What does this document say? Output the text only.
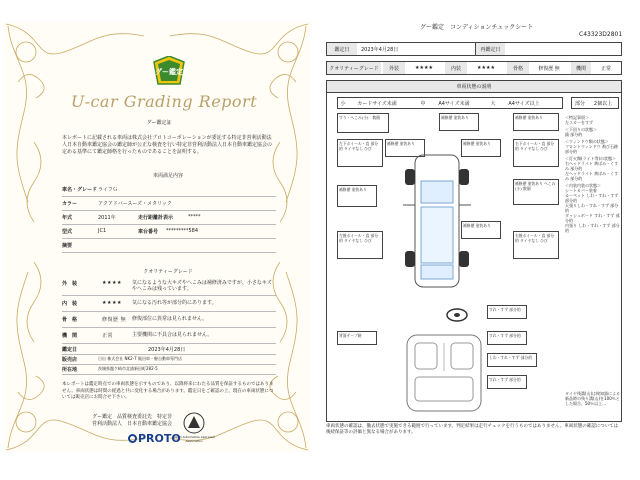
グー鑑定
U-car Grading Report
グー鑑定証
本レポートに記載される車両は株式会社プロトコーポレーションが委託する特定非営利活動法人日本自動車鑑定協会の鑑定師が公正な検査を行い特定非営利活動法人日本自動車鑑定協会の定める基準にて鑑定師格を行ったものであることを証明する。
車両満足内容
車名・グレード ライフＧ
カラー	アクアドバースーズ・メタリック
年式	2011年	走行距離計表示	*****
型式	JC1	車台番号	*********584
摘要
クオリティーグレード
外　装	★★★★	気になるような大キズやへこみは補修済みですが、小さなキズやへこみは残っています。
内　装	★★★★	気になる汚れ等が部分的にあります。
骨　格	修復歴 無	修復部位に異常は見られません。
機　関	正常	主要機関に不具合は見られません。
鑑定日	2023年4月28日
販売店	日出 株式会社 NK2-7 飯田車・軽自動車専門店
所在地	茨城県龍ケ崎市北浦新田町282-5
本レポートは鑑定時点での車両状態を示すものであり、以降将来にわたる品質を保証するものではありません。車両状態は時間の経過と共に変化する場合があります。鑑定日をご確認の上、現在の車両状態については販売店にお問合せ下さい。
グー鑑定　品質検査委託先　特定非営利活動法人　日本自動車鑑定協会
Japan Automobile Appraisal Association
PROTO
グー鑑定　コンディションチェックシート
C43323D2801
鑑定日	2023年4月28日	再鑑定日
クオリティーグレード	外装	★★★★	内装	★★★★	骨格	修復歴 無	機関	正常
車両状態の説明
小	カードサイズ未満	中	A4サイズ未満	大	A4サイズ以上	部分	2個以上
すり・へこみ(小)　数個	補修歴 塗装あり	補修歴 塗装あり
左下ホイール・直 部分的 タイヤなし ひび
補修歴 塗装あり	補修歴 塗装あり	右下ホイール・直 部分的 タイヤなし ひび
補修歴 塗装あり
補修歴 塗装あり へこみ(小) 数個
左後ホイール・直 部分的 タイヤなし ひび
補修歴 塗装あり
右後ホイール・直 部分的 タイヤなし ひび
すれ・すず 部分的
背面テープ跡	すれ・すず 部分的
しわ・すれ・すず 部分的
すれ・すず 部分的
＜特記事項＞
左スカーをすず
＜下回りの状態＞
錆 部分的
＜ウィンドウ類の状態＞
フロントウィンドウ 飛び石跡 部分的
＜灯火類(ライト等)の状態＞
右ヘッドライト 黄ばみ・くすみ 部分的
左ヘッドライト 黄ばみ・くすみ 部分的
＜内装内装の状態＞
シートカバー装着
カーペット しわ・すれ・すず 部分的
天張りしわ・すれ・すず 部分的
ダッシュボード すれ・すず 部分的
内張り しわ・すれ・すず 部分的
タイヤ残溝(山)は検知器による新品時の残り溝(山)を100％とした場合、50％以上…
車両状態の確認は、撤去状態で実施できる範囲で行っています。判定結果は走行チェックを行うものではありません。車両状態の確認については後続保証等の評価と異なる場合があります。
